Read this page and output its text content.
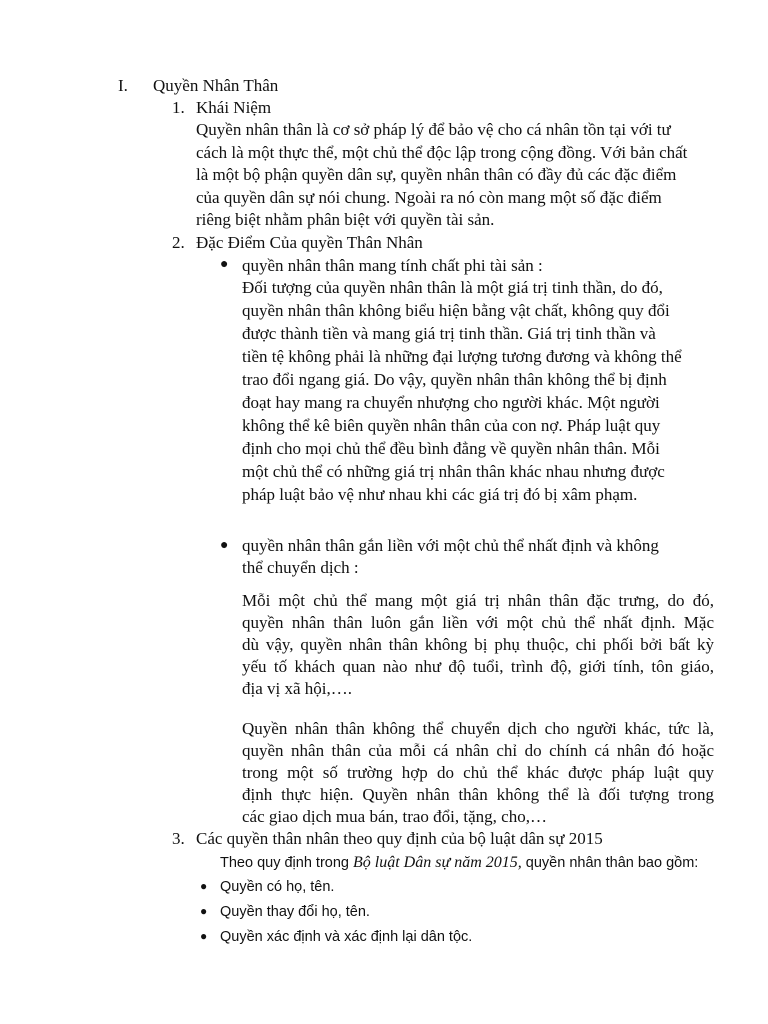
I. Quyền Nhân Thân
1. Khái Niệm
Quyền nhân thân là cơ sở pháp lý để bảo vệ cho cá nhân tồn tại với tư
cách là một thực thể, một chủ thể độc lập trong cộng đồng. Với bản chất
là một bộ phận quyền dân sự, quyền nhân thân có đầy đủ các đặc điểm
của quyền dân sự nói chung. Ngoài ra nó còn mang một số đặc điểm
riêng biệt nhằm phân biệt với quyền tài sản.
2. Đặc Điểm Của quyền Thân Nhân
● quyền nhân thân mang tính chất phi tài sản :
Đối tượng của quyền nhân thân là một giá trị tinh thần, do đó,
quyền nhân thân không biểu hiện bằng vật chất, không quy đổi
được thành tiền và mang giá trị tinh thần. Giá trị tinh thần và
tiền tệ không phải là những đại lượng tương đương và không thể
trao đổi ngang giá. Do vậy, quyền nhân thân không thể bị định
đoạt hay mang ra chuyển nhượng cho người khác. Một người
không thể kê biên quyền nhân thân của con nợ. Pháp luật quy
định cho mọi chủ thể đều bình đẳng về quyền nhân thân. Mỗi
một chủ thể có những giá trị nhân thân khác nhau nhưng được
pháp luật bảo vệ như nhau khi các giá trị đó bị xâm phạm.
● quyền nhân thân gắn liền với một chủ thể nhất định và không
thể chuyển dịch :
Mỗi một chủ thể mang một giá trị nhân thân đặc trưng, do đó,
quyền nhân thân luôn gắn liền với một chủ thể nhất định. Mặc
dù vậy, quyền nhân thân không bị phụ thuộc, chi phối bởi bất kỳ
yếu tố khách quan nào như độ tuổi, trình độ, giới tính, tôn giáo,
địa vị xã hội,….
Quyền nhân thân không thể chuyển dịch cho người khác, tức là,
quyền nhân thân của mỗi cá nhân chỉ do chính cá nhân đó hoặc
trong một số trường hợp do chủ thể khác được pháp luật quy
định thực hiện. Quyền nhân thân không thể là đối tượng trong
các giao dịch mua bán, trao đổi, tặng, cho,…
3. Các quyền thân nhân theo quy định của bộ luật dân sự 2015
Theo quy định trong Bộ luật Dân sự năm 2015, quyền nhân thân bao gồm:
● Quyền có họ, tên.
● Quyền thay đổi họ, tên.
● Quyền xác định và xác định lại dân tộc.
